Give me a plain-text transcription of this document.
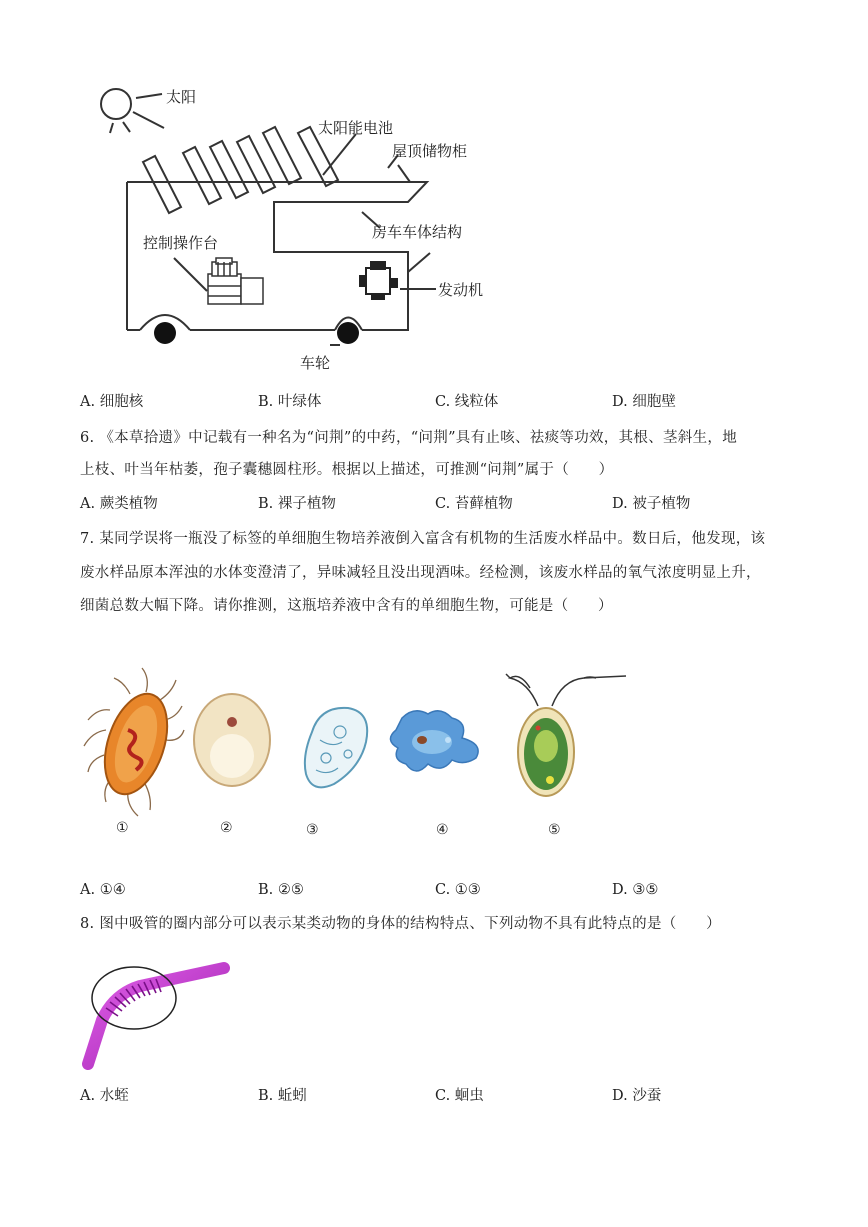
太阳
太阳能电池
屋顶储物柜
控制操作台
房车车体结构
发动机
车轮
A. 细胞核	B. 叶绿体	C. 线粒体	D. 细胞壁
6. 《本草拾遗》中记载有一种名为“问荆”的中药，“问荆”具有止咳、祛痰等功效，其根、茎斜生，地
上枝、叶当年枯萎，孢子囊穗圆柱形。根据以上描述，可推测“问荆”属于（　　）
A. 蕨类植物	B. 裸子植物	C. 苔藓植物	D. 被子植物
7. 某同学误将一瓶没了标签的单细胞生物培养液倒入富含有机物的生活废水样品中。数日后，他发现，该
废水样品原本浑浊的水体变澄清了，异味减轻且没出现酒味。经检测，该废水样品的氧气浓度明显上升，
细菌总数大幅下降。请你推测，这瓶培养液中含有的单细胞生物，可能是（　　）
①	②	③	④	⑤
A. ①④	B. ②⑤	C. ①③	D. ③⑤
8. 图中吸管的圈内部分可以表示某类动物的身体的结构特点、下列动物不具有此特点的是（　　）
A. 水蛭	B. 蚯蚓	C. 蛔虫	D. 沙蚕
